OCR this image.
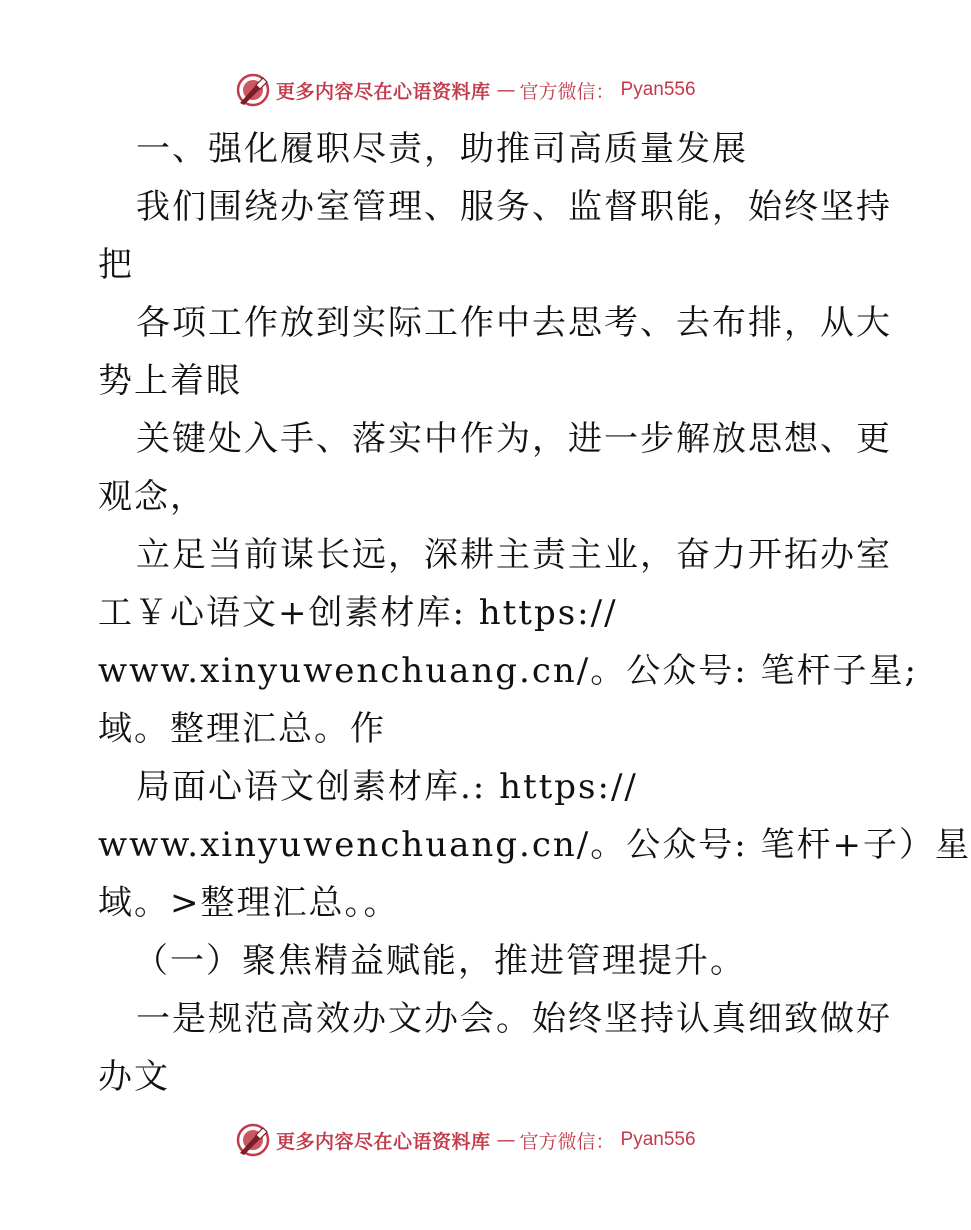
更多内容尽在心语资料库 — 官方微信： Pyan556
一、强化履职尽责，助推司高质量发展
我们围绕办室管理、服务、监督职能，始终坚持
把
各项工作放到实际工作中去思考、去布排，从大
势上着眼
关键处入手、落实中作为，进一步解放思想、更
观念，
立足当前谋长远，深耕主责主业，奋力开拓办室
工￥心语文+创素材库: https://
www.xinyuwenchuang.cn/。公众号: 笔杆子星;
域。整理汇总。作
局面心语文创素材库.: https://
www.xinyuwenchuang.cn/。公众号: 笔杆+子）星
域。>整理汇总。。
（一）聚焦精益赋能，推进管理提升。
一是规范高效办文办会。始终坚持认真细致做好
办文
更多内容尽在心语资料库 — 官方微信： Pyan556
